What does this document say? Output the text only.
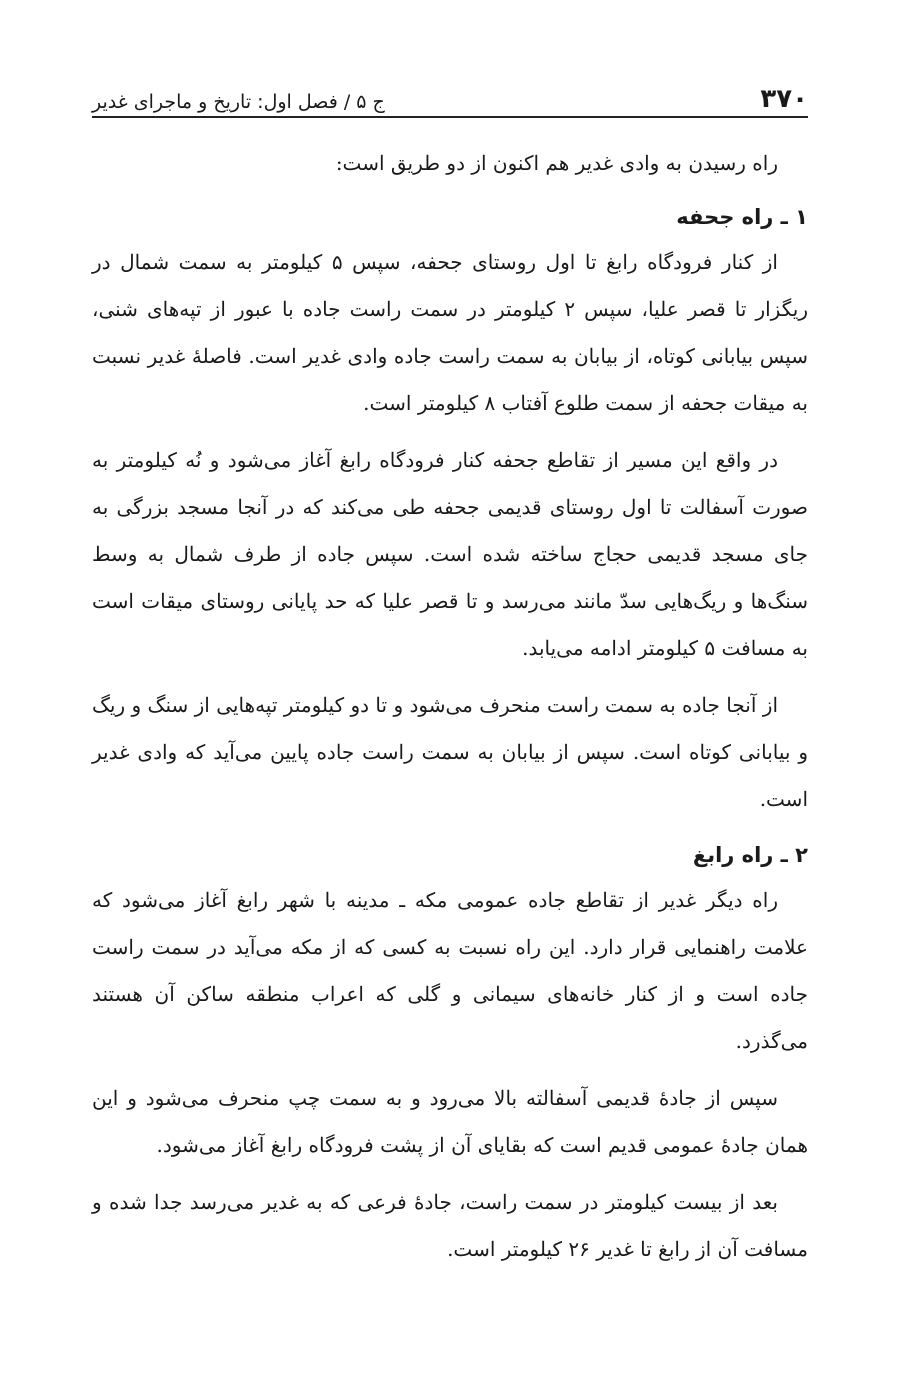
۳۷۰
ج ۵ / فصل اول: تاریخ و ماجرای غدیر

راه رسیدن به وادی غدیر هم اکنون از دو طریق است:

۱ ـ راه جحفه

از کنار فرودگاه رابغ تا اول روستای جحفه، سپس ۵ کیلومتر به سمت شمال در ریگزار تا قصر علیا، سپس ۲ کیلومتر در سمت راست جاده با عبور از تپه‌های شنی، سپس بیابانی کوتاه، از بیابان به سمت راست جاده وادی غدیر است. فاصلهٔ غدیر نسبت به میقات جحفه از سمت طلوع آفتاب ۸ کیلومتر است.

در واقع این مسیر از تقاطع جحفه کنار فرودگاه رابغ آغاز می‌شود و نُه کیلومتر به صورت آسفالت تا اول روستای قدیمی جحفه طی می‌کند که در آنجا مسجد بزرگی به جای مسجد قدیمی حجاج ساخته شده است. سپس جاده از طرف شمال به وسط سنگ‌ها و ریگ‌هایی سدّ مانند می‌رسد و تا قصر علیا که حد پایانی روستای میقات است به مسافت ۵ کیلومتر ادامه می‌یابد.

از آنجا جاده به سمت راست منحرف می‌شود و تا دو کیلومتر تپه‌هایی از سنگ و ریگ و بیابانی کوتاه است. سپس از بیابان به سمت راست جاده پایین می‌آید که وادی غدیر است.

۲ ـ راه رابغ

راه دیگر غدیر از تقاطع جاده عمومی مکه ـ مدینه با شهر رابغ آغاز می‌شود که علامت راهنمایی قرار دارد. این راه نسبت به کسی که از مکه می‌آید در سمت راست جاده است و از کنار خانه‌های سیمانی و گلی که اعراب منطقه ساکن آن هستند می‌گذرد.

سپس از جادهٔ قدیمی آسفالته بالا می‌رود و به سمت چپ منحرف می‌شود و این همان جادهٔ عمومی قدیم است که بقایای آن از پشت فرودگاه رابغ آغاز می‌شود.

بعد از بیست کیلومتر در سمت راست، جادهٔ فرعی که به غدیر می‌رسد جدا شده و مسافت آن از رابغ تا غدیر ۲۶ کیلومتر است.
